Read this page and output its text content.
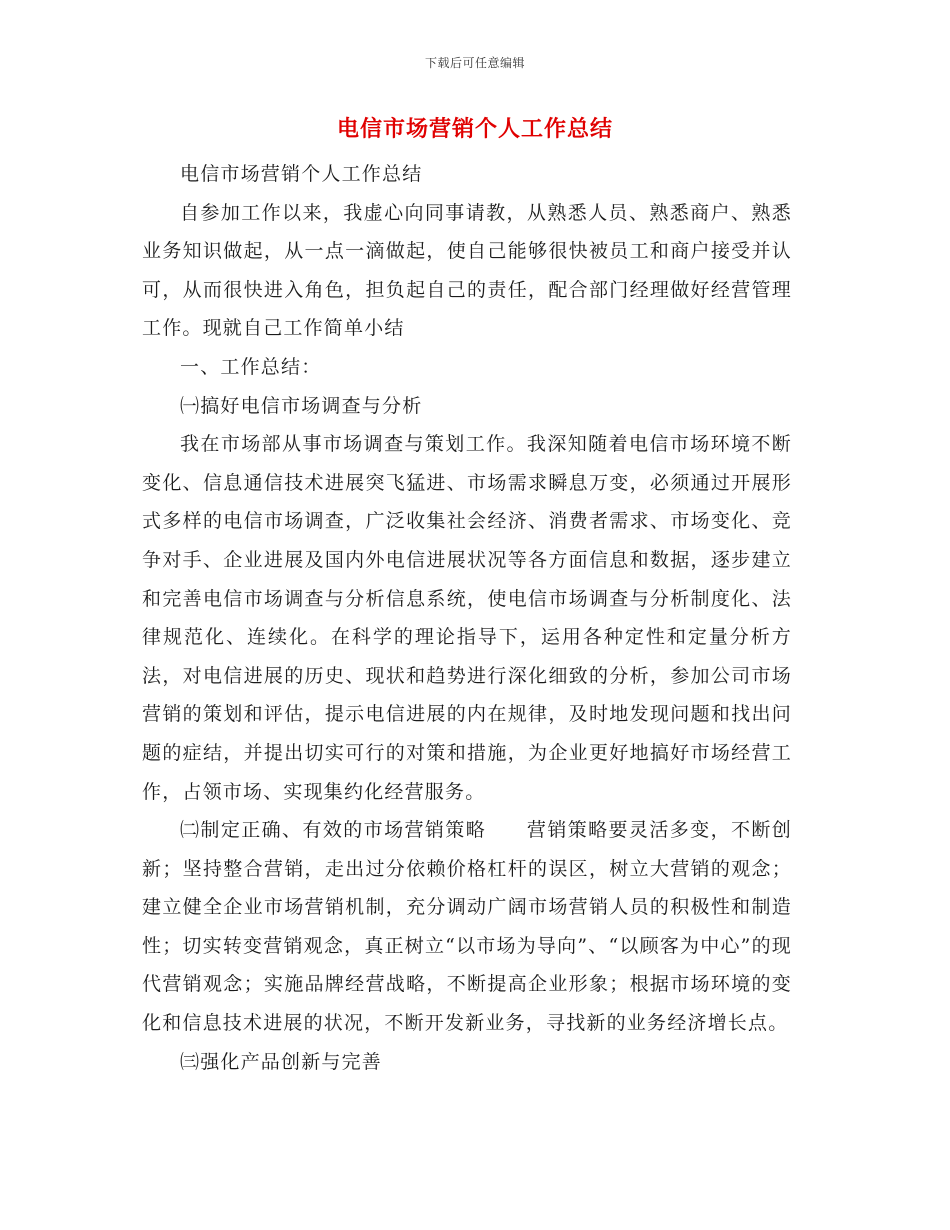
下载后可任意编辑
电信市场营销个人工作总结

电信市场营销个人工作总结

自参加工作以来，我虚心向同事请教，从熟悉人员、熟悉商户、熟悉业务知识做起，从一点一滴做起，使自己能够很快被员工和商户接受并认可，从而很快进入角色，担负起自己的责任，配合部门经理做好经营管理工作。现就自己工作简单小结

一、工作总结：

㈠搞好电信市场调查与分析

我在市场部从事市场调查与策划工作。我深知随着电信市场环境不断变化、信息通信技术进展突飞猛进、市场需求瞬息万变，必须通过开展形式多样的电信市场调查，广泛收集社会经济、消费者需求、市场变化、竞争对手、企业进展及国内外电信进展状况等各方面信息和数据，逐步建立和完善电信市场调查与分析信息系统，使电信市场调查与分析制度化、法律规范化、连续化。在科学的理论指导下，运用各种定性和定量分析方法，对电信进展的历史、现状和趋势进行深化细致的分析，参加公司市场营销的策划和评估，提示电信进展的内在规律，及时地发现问题和找出问题的症结，并提出切实可行的对策和措施，为企业更好地搞好市场经营工作，占领市场、实现集约化经营服务。

㈡制定正确、有效的市场营销策略　　营销策略要灵活多变，不断创新；坚持整合营销，走出过分依赖价格杠杆的误区，树立大营销的观念；建立健全企业市场营销机制，充分调动广阔市场营销人员的积极性和制造性；切实转变营销观念，真正树立“以市场为导向”、“以顾客为中心”的现代营销观念；实施品牌经营战略，不断提高企业形象；根据市场环境的变化和信息技术进展的状况，不断开发新业务，寻找新的业务经济增长点。

㈢强化产品创新与完善
